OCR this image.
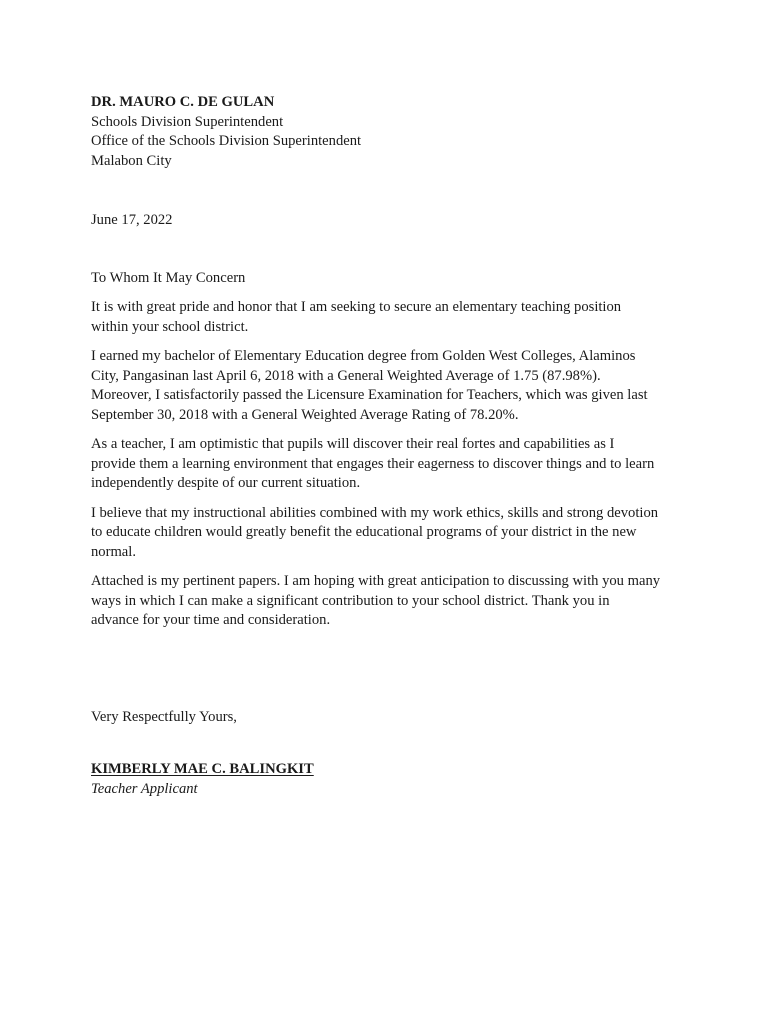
DR. MAURO C. DE GULAN
Schools Division Superintendent
Office of the Schools Division Superintendent
Malabon City
June 17, 2022

To Whom It May Concern

It is with great pride and honor that I am seeking to secure an elementary teaching position
within your school district.

I earned my bachelor of Elementary Education degree from Golden West Colleges, Alaminos
City, Pangasinan last April 6, 2018 with a General Weighted Average of 1.75 (87.98%).
Moreover, I satisfactorily passed the Licensure Examination for Teachers, which was given last
September 30, 2018 with a General Weighted Average Rating of 78.20%.

As a teacher, I am optimistic that pupils will discover their real fortes and capabilities as I
provide them a learning environment that engages their eagerness to discover things and to learn
independently despite of our current situation.

I believe that my instructional abilities combined with my work ethics, skills and strong devotion
to educate children would greatly benefit the educational programs of your district in the new
normal.

Attached is my pertinent papers. I am hoping with great anticipation to discussing with you many
ways in which I can make a significant contribution to your school district. Thank you in
advance for your time and consideration.

Very Respectfully Yours,
KIMBERLY MAE C. BALINGKIT
Teacher Applicant
